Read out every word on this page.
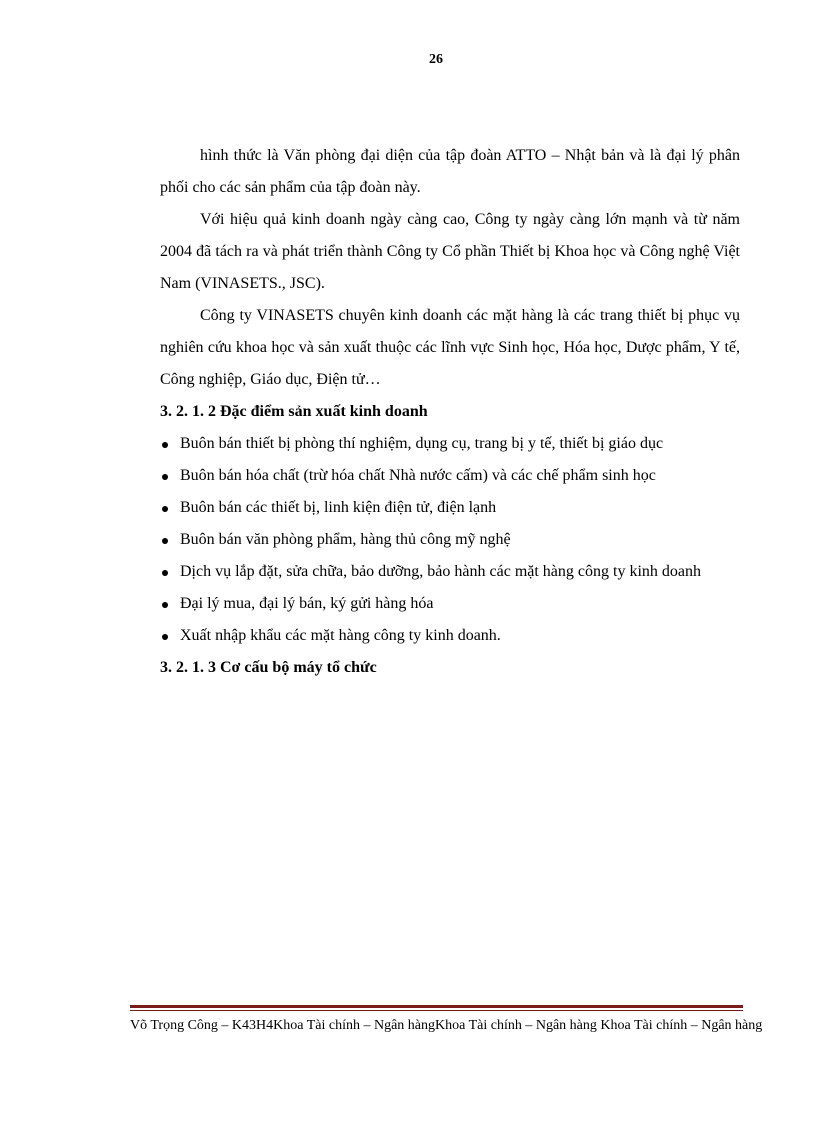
26

hình thức là Văn phòng đại diện của tập đoàn ATTO – Nhật bản và là đại lý phân phối cho các sản phẩm của tập đoàn này.

Với hiệu quả kinh doanh ngày càng cao, Công ty ngày càng lớn mạnh và từ năm 2004 đã tách ra và phát triển thành Công ty Cổ phần Thiết bị Khoa học và Công nghệ Việt Nam (VINASETS., JSC).

Công ty VINASETS chuyên kinh doanh các mặt hàng là các trang thiết bị phục vụ nghiên cứu khoa học và sản xuất thuộc các lĩnh vực Sinh học, Hóa học, Dược phẩm, Y tế, Công nghiệp, Giáo dục, Điện tử…

3. 2. 1. 2 Đặc điểm sản xuất kinh doanh

Buôn bán thiết bị phòng thí nghiệm, dụng cụ, trang bị y tế, thiết bị giáo dục
Buôn bán hóa chất (trừ hóa chất Nhà nước cấm) và các chế phẩm sinh học
Buôn bán các thiết bị, linh kiện điện tử, điện lạnh
Buôn bán văn phòng phẩm, hàng thủ công mỹ nghệ
Dịch vụ lắp đặt, sửa chữa, bảo dưỡng, bảo hành các mặt hàng công ty kinh doanh
Đại lý mua, đại lý bán, ký gửi hàng hóa
Xuất nhập khẩu các mặt hàng công ty kinh doanh.

3. 2. 1. 3 Cơ cấu bộ máy tổ chức

Võ Trọng Công – K43H4Khoa Tài chính – Ngân hàngKhoa Tài chính – Ngân hàng Khoa Tài chính – Ngân hàng
